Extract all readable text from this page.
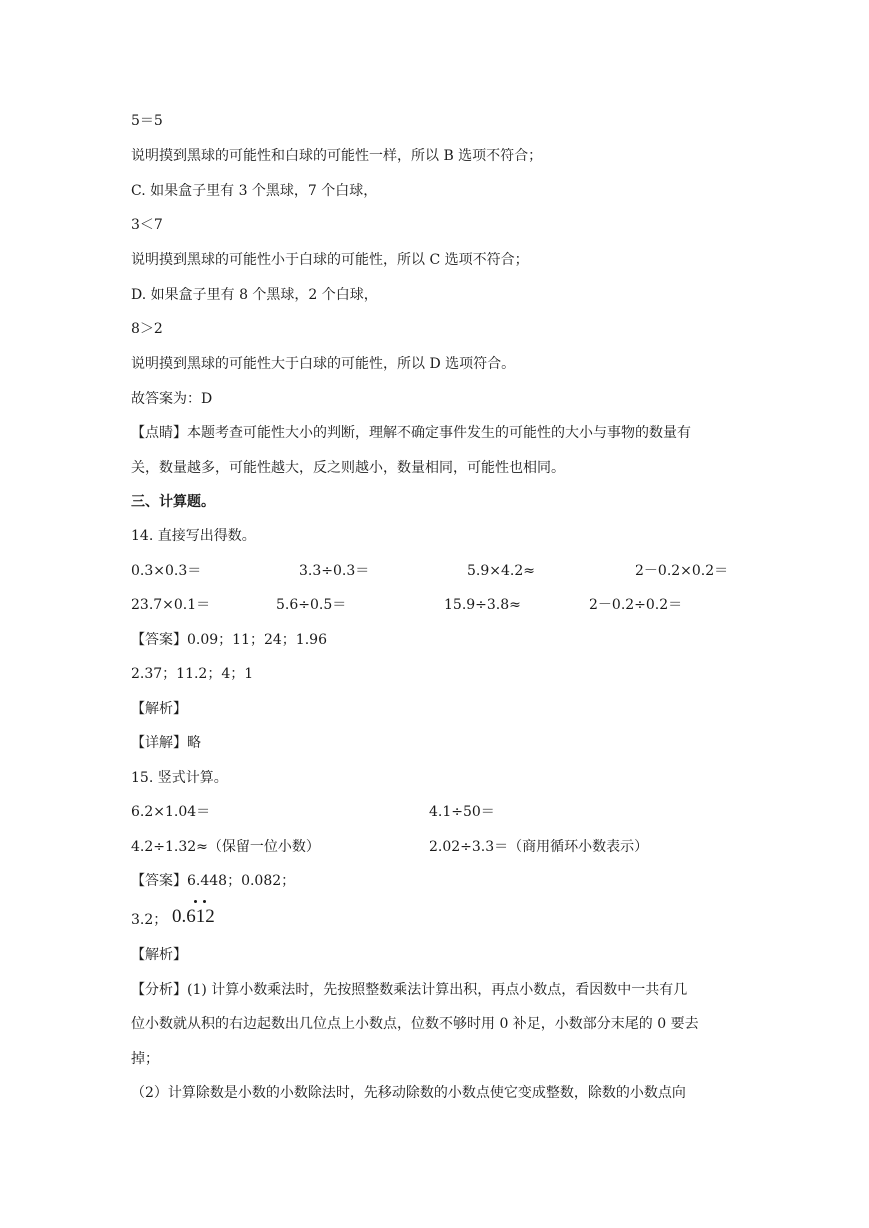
5＝5
说明摸到黑球的可能性和白球的可能性一样，所以 B 选项不符合；
C. 如果盒子里有 3 个黑球，7 个白球，
3＜7
说明摸到黑球的可能性小于白球的可能性，所以 C 选项不符合；
D. 如果盒子里有 8 个黑球，2 个白球，
8＞2
说明摸到黑球的可能性大于白球的可能性，所以 D 选项符合。
故答案为：D
【点睛】本题考查可能性大小的判断，理解不确定事件发生的可能性的大小与事物的数量有
关，数量越多，可能性越大，反之则越小，数量相同，可能性也相同。
三、计算题。
14. 直接写出得数。
0.3×0.3＝	3.3÷0.3＝	5.9×4.2≈	2－0.2×0.2＝
23.7×0.1＝	5.6÷0.5＝	15.9÷3.8≈	2－0.2÷0.2＝
【答案】0.09；11；24；1.96
2.37；11.2；4；1
【解析】
【详解】略
15. 竖式计算。
6.2×1.04＝	4.1÷50＝
4.2÷1.32≈（保留一位小数）	2.02÷3.3＝（商用循环小数表示）
【答案】6.448；0.082；
3.2； 0.612
【解析】
【分析】(1) 计算小数乘法时，先按照整数乘法计算出积，再点小数点，看因数中一共有几
位小数就从积的右边起数出几位点上小数点，位数不够时用 0 补足，小数部分末尾的 0 要去
掉；
（2）计算除数是小数的小数除法时，先移动除数的小数点使它变成整数，除数的小数点向
